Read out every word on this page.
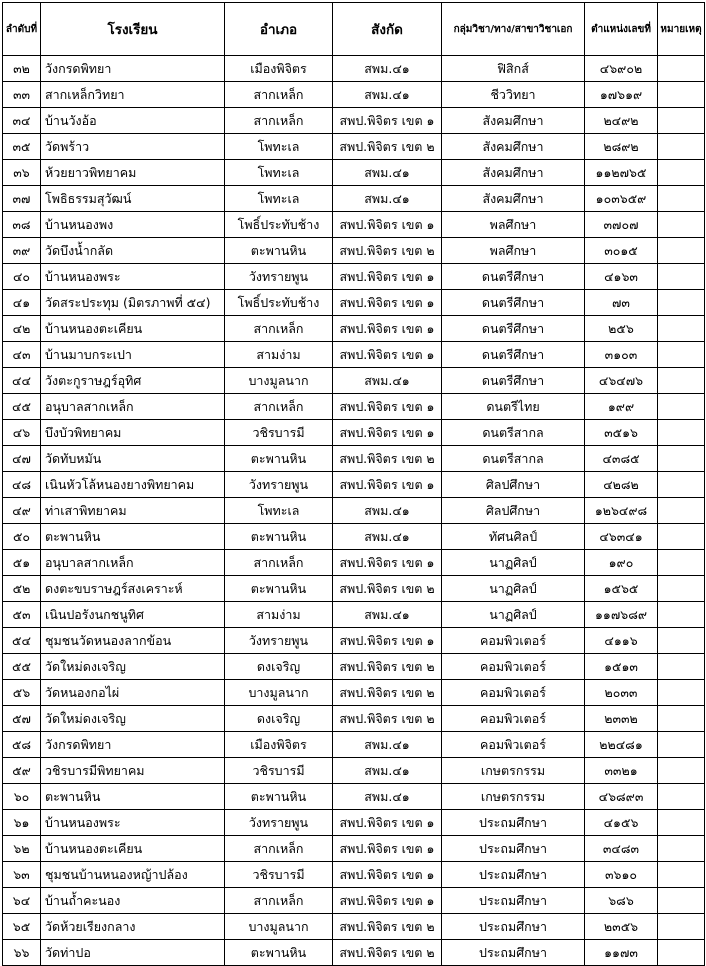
ลำดับที่	โรงเรียน	อำเภอ	สังกัด	กลุ่มวิชา/ทาง/สาขาวิชาเอก	ตำแหน่งเลขที่	หมายเหตุ
๓๒	วังกรดพิทยา	เมืองพิจิตร	สพม.๔๑	ฟิสิกส์	๔๖๙๐๒	
๓๓	สากเหล็กวิทยา	สากเหล็ก	สพม.๔๑	ชีววิทยา	๑๗๖๑๙	
๓๔	บ้านวังอ้อ	สากเหล็ก	สพป.พิจิตร เขต ๑	สังคมศึกษา	๒๔๙๒	
๓๕	วัดพร้าว	โพทะเล	สพป.พิจิตร เขต ๒	สังคมศึกษา	๒๘๙๒	
๓๖	ห้วยยาวพิทยาคม	โพทะเล	สพม.๔๑	สังคมศึกษา	๑๑๒๗๖๕	
๓๗	โพธิธรรมสุวัฒน์	โพทะเล	สพม.๔๑	สังคมศึกษา	๑๐๓๖๕๙	
๓๘	บ้านหนองพง	โพธิ์ประทับช้าง	สพป.พิจิตร เขต ๑	พลศึกษา	๓๗๐๗	
๓๙	วัดบึงน้ำกลัด	ตะพานหิน	สพป.พิจิตร เขต ๒	พลศึกษา	๓๐๑๕	
๔๐	บ้านหนองพระ	วังทรายพูน	สพป.พิจิตร เขต ๑	ดนตรีศึกษา	๔๑๖๓	
๔๑	วัดสระประทุม (มิตรภาพที่ ๕๔)	โพธิ์ประทับช้าง	สพป.พิจิตร เขต ๑	ดนตรีศึกษา	๗๓	
๔๒	บ้านหนองตะเคียน	สากเหล็ก	สพป.พิจิตร เขต ๑	ดนตรีศึกษา	๒๕๖	
๔๓	บ้านมาบกระเปา	สามง่าม	สพป.พิจิตร เขต ๑	ดนตรีศึกษา	๓๑๐๓	
๔๔	วังตะกูราษฎร์อุทิศ	บางมูลนาก	สพม.๔๑	ดนตรีศึกษา	๔๖๔๗๖	
๔๕	อนุบาลสากเหล็ก	สากเหล็ก	สพป.พิจิตร เขต ๑	ดนตรีไทย	๑๙๙	
๔๖	บึงบัวพิทยาคม	วชิรบารมี	สพป.พิจิตร เขต ๑	ดนตรีสากล	๓๕๑๖	
๔๗	วัดทับหมัน	ตะพานหิน	สพป.พิจิตร เขต ๒	ดนตรีสากล	๔๓๘๕	
๔๘	เนินหัวโล้หนองยางพิทยาคม	วังทรายพูน	สพป.พิจิตร เขต ๑	ศิลปศึกษา	๔๒๘๒	
๔๙	ท่าเสาพิทยาคม	โพทะเล	สพม.๔๑	ศิลปศึกษา	๑๒๖๔๙๘	
๕๐	ตะพานหิน	ตะพานหิน	สพม.๔๑	ทัศนศิลป์	๔๖๓๔๑	
๕๑	อนุบาลสากเหล็ก	สากเหล็ก	สพป.พิจิตร เขต ๑	นาฏศิลป์	๑๙๐	
๕๒	ดงตะขบราษฎร์สงเคราะห์	ตะพานหิน	สพป.พิจิตร เขต ๒	นาฏศิลป์	๑๕๖๕	
๕๓	เนินปอรังนกชนูทิศ	สามง่าม	สพม.๔๑	นาฏศิลป์	๑๑๗๖๘๙	
๕๔	ชุมชนวัดหนองลากข้อน	วังทรายพูน	สพป.พิจิตร เขต ๑	คอมพิวเตอร์	๔๑๑๖	
๕๕	วัดใหม่ดงเจริญ	ดงเจริญ	สพป.พิจิตร เขต ๒	คอมพิวเตอร์	๑๕๑๓	
๕๖	วัดหนองกอไผ่	บางมูลนาก	สพป.พิจิตร เขต ๒	คอมพิวเตอร์	๒๐๓๓	
๕๗	วัดใหม่ดงเจริญ	ดงเจริญ	สพป.พิจิตร เขต ๒	คอมพิวเตอร์	๒๓๓๒	
๕๘	วังกรดพิทยา	เมืองพิจิตร	สพม.๔๑	คอมพิวเตอร์	๒๒๔๘๑	
๕๙	วชิรบารมีพิทยาคม	วชิรบารมี	สพม.๔๑	เกษตรกรรม	๓๓๒๑	
๖๐	ตะพานหิน	ตะพานหิน	สพม.๔๑	เกษตรกรรม	๔๖๘๙๓	
๖๑	บ้านหนองพระ	วังทรายพูน	สพป.พิจิตร เขต ๑	ประถมศึกษา	๔๑๕๖	
๖๒	บ้านหนองตะเคียน	สากเหล็ก	สพป.พิจิตร เขต ๑	ประถมศึกษา	๓๔๘๓	
๖๓	ชุมชนบ้านหนองหญ้าปล้อง	วชิรบารมี	สพป.พิจิตร เขต ๑	ประถมศึกษา	๓๖๑๐	
๖๔	บ้านถ้ำคะนอง	สากเหล็ก	สพป.พิจิตร เขต ๑	ประถมศึกษา	๖๘๖	
๖๕	วัดห้วยเรียงกลาง	บางมูลนาก	สพป.พิจิตร เขต ๒	ประถมศึกษา	๒๓๕๖	
๖๖	วัดท่าปอ	ตะพานหิน	สพป.พิจิตร เขต ๒	ประถมศึกษา	๑๑๗๓	
